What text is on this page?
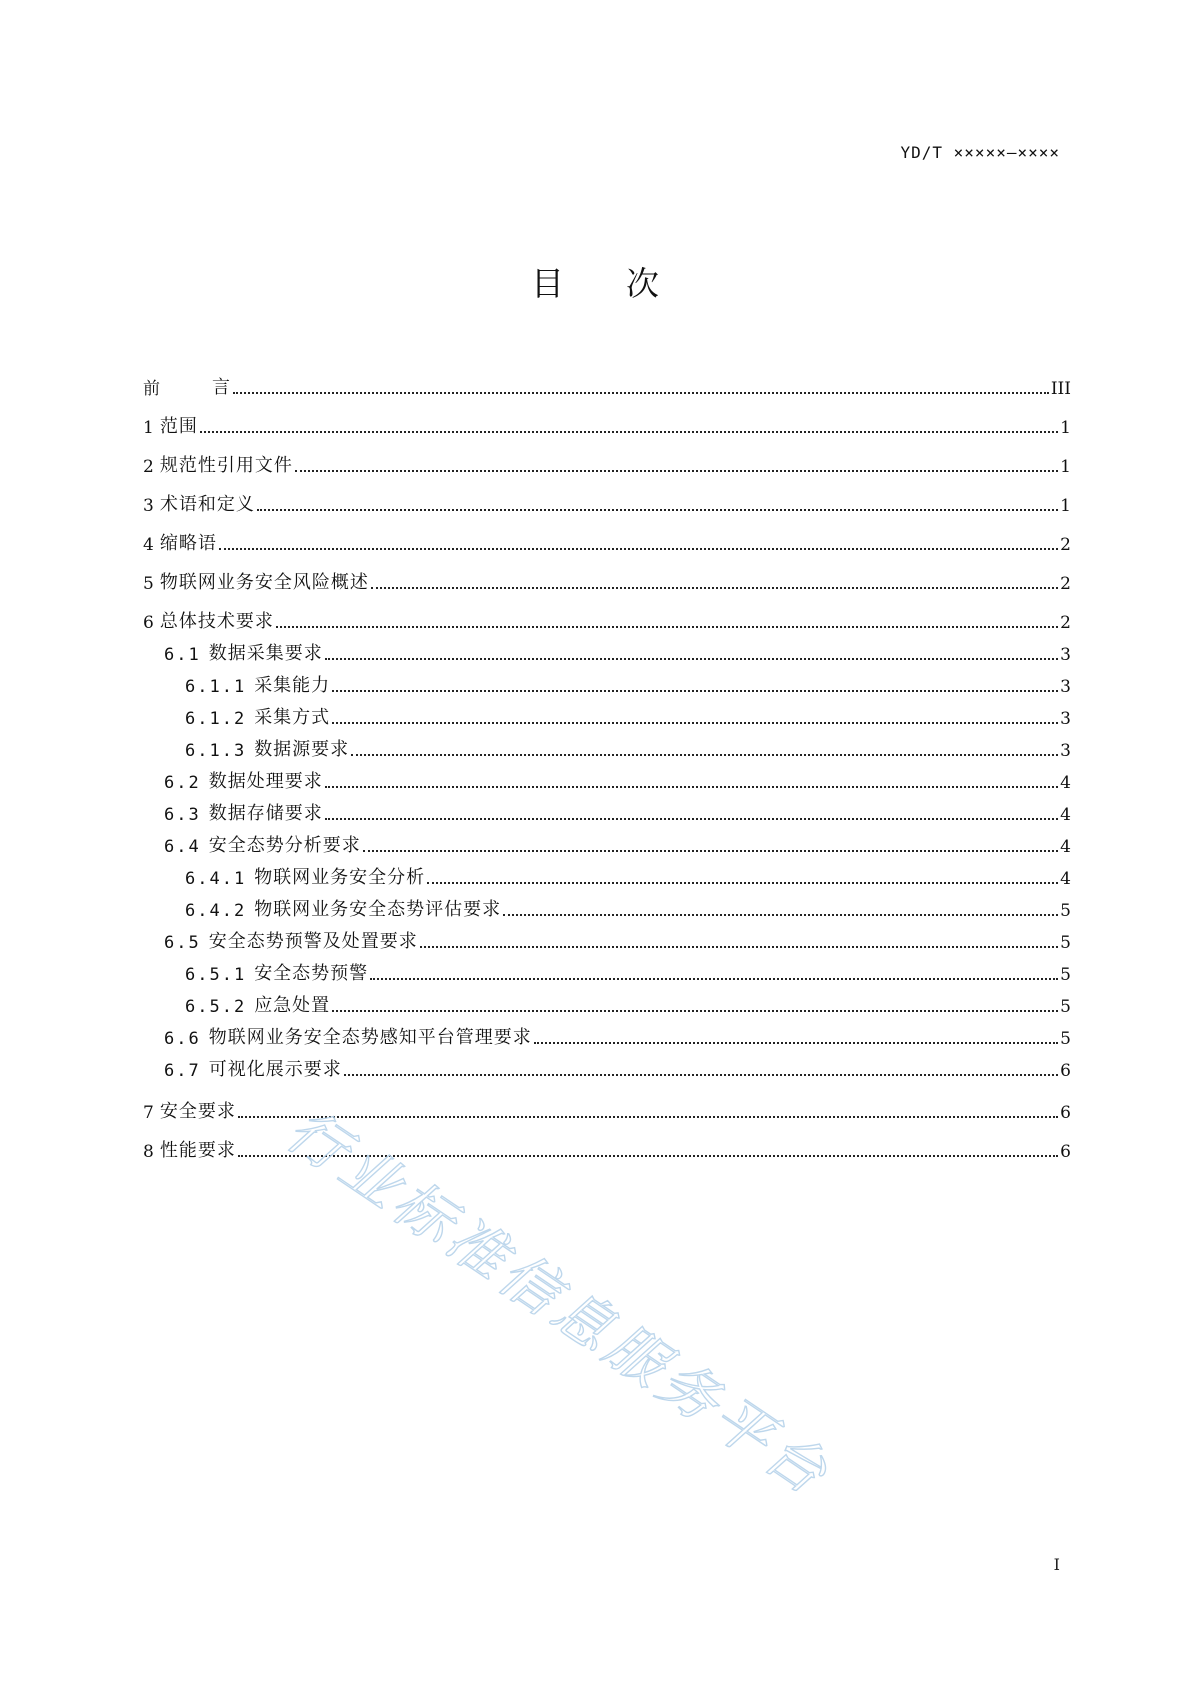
YD/T ×××××—××××
目 次
前	言	III
1 范围	1
2 规范性引用文件	1
3 术语和定义	1
4 缩略语	2
5 物联网业务安全风险概述	2
6 总体技术要求	2
6.1 数据采集要求	3
6.1.1 采集能力	3
6.1.2 采集方式	3
6.1.3 数据源要求	3
6.2 数据处理要求	4
6.3 数据存储要求	4
6.4 安全态势分析要求	4
6.4.1 物联网业务安全分析	4
6.4.2 物联网业务安全态势评估要求	5
6.5 安全态势预警及处置要求	5
6.5.1 安全态势预警	5
6.5.2 应急处置	5
6.6 物联网业务安全态势感知平台管理要求	5
6.7 可视化展示要求	6
7 安全要求	6
8 性能要求	6
行业标准信息服务平台
I
